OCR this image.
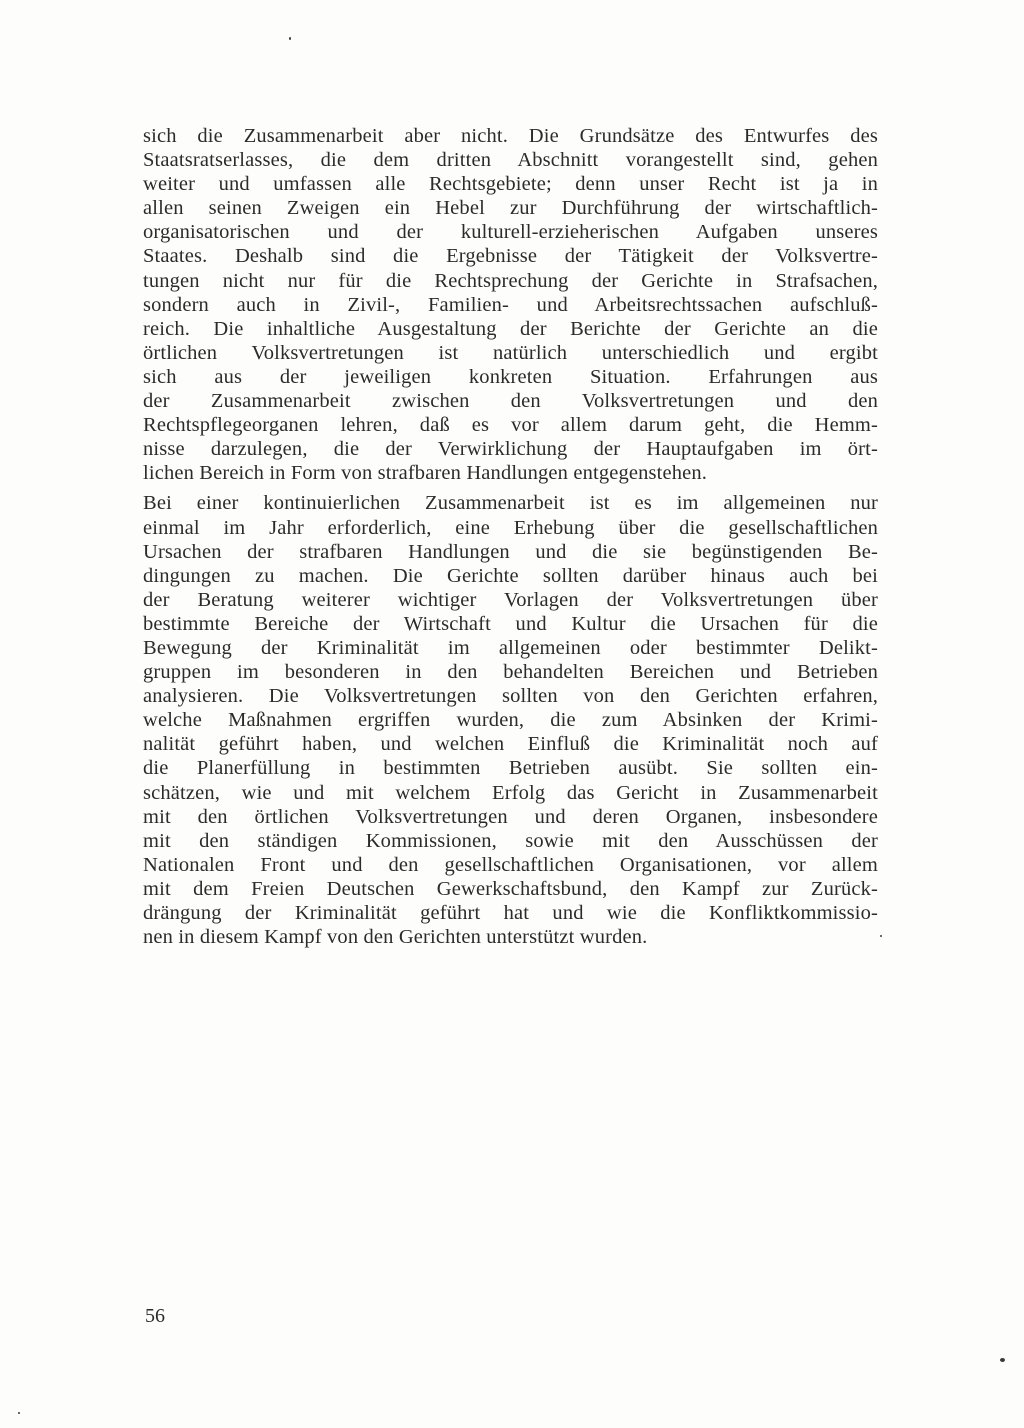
sich die Zusammenarbeit aber nicht. Die Grundsätze des Entwurfes des
Staatsratserlasses, die dem dritten Abschnitt vorangestellt sind, gehen
weiter und umfassen alle Rechtsgebiete; denn unser Recht ist ja in
allen seinen Zweigen ein Hebel zur Durchführung der wirtschaftlich-
organisatorischen und der kulturell-erzieherischen Aufgaben unseres
Staates. Deshalb sind die Ergebnisse der Tätigkeit der Volksvertre-
tungen nicht nur für die Rechtsprechung der Gerichte in Strafsachen,
sondern auch in Zivil-, Familien- und Arbeitsrechtssachen aufschluß-
reich. Die inhaltliche Ausgestaltung der Berichte der Gerichte an die
örtlichen Volksvertretungen ist natürlich unterschiedlich und ergibt
sich aus der jeweiligen konkreten Situation. Erfahrungen aus
der Zusammenarbeit zwischen den Volksvertretungen und den
Rechtspflegeorganen lehren, daß es vor allem darum geht, die Hemm-
nisse darzulegen, die der Verwirklichung der Hauptaufgaben im ört-
lichen Bereich in Form von strafbaren Handlungen entgegenstehen.
Bei einer kontinuierlichen Zusammenarbeit ist es im allgemeinen nur
einmal im Jahr erforderlich, eine Erhebung über die gesellschaftlichen
Ursachen der strafbaren Handlungen und die sie begünstigenden Be-
dingungen zu machen. Die Gerichte sollten darüber hinaus auch bei
der Beratung weiterer wichtiger Vorlagen der Volksvertretungen über
bestimmte Bereiche der Wirtschaft und Kultur die Ursachen für die
Bewegung der Kriminalität im allgemeinen oder bestimmter Delikt-
gruppen im besonderen in den behandelten Bereichen und Betrieben
analysieren. Die Volksvertretungen sollten von den Gerichten erfahren,
welche Maßnahmen ergriffen wurden, die zum Absinken der Krimi-
nalität geführt haben, und welchen Einfluß die Kriminalität noch auf
die Planerfüllung in bestimmten Betrieben ausübt. Sie sollten ein-
schätzen, wie und mit welchem Erfolg das Gericht in Zusammenarbeit
mit den örtlichen Volksvertretungen und deren Organen, insbesondere
mit den ständigen Kommissionen, sowie mit den Ausschüssen der
Nationalen Front und den gesellschaftlichen Organisationen, vor allem
mit dem Freien Deutschen Gewerkschaftsbund, den Kampf zur Zurück-
drängung der Kriminalität geführt hat und wie die Konfliktkommissio-
nen in diesem Kampf von den Gerichten unterstützt wurden.
56
